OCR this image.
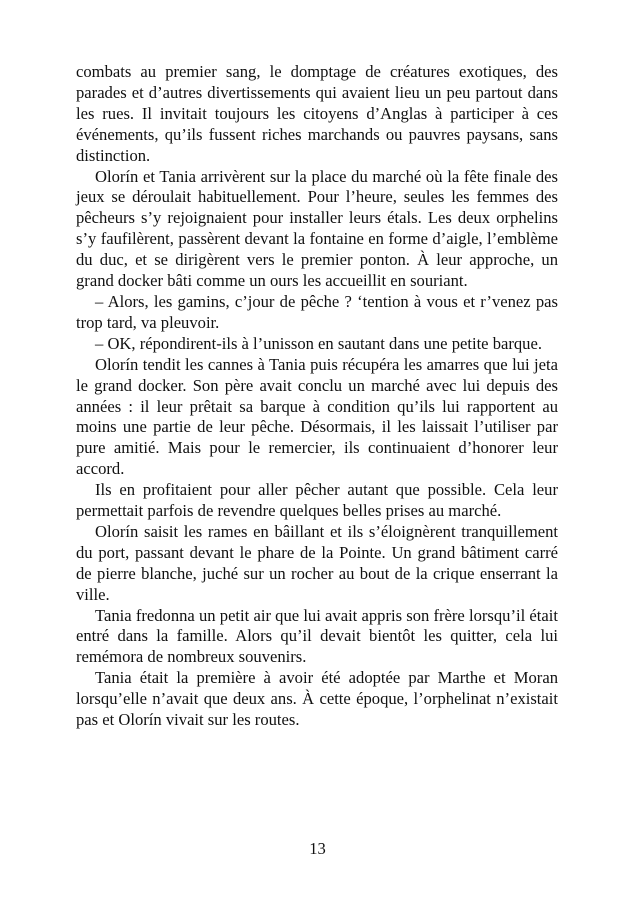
combats au premier sang, le domptage de créatures exotiques, des parades et d’autres divertissements qui avaient lieu un peu partout dans les rues. Il invitait toujours les citoyens d’Anglas à participer à ces événements, qu’ils fussent riches marchands ou pauvres paysans, sans distinction.

Olorín et Tania arrivèrent sur la place du marché où la fête finale des jeux se déroulait habituellement. Pour l’heure, seules les femmes des pêcheurs s’y rejoignaient pour installer leurs étals. Les deux orphelins s’y faufilèrent, passèrent devant la fontaine en forme d’aigle, l’emblème du duc, et se dirigèrent vers le premier ponton. À leur approche, un grand docker bâti comme un ours les accueillit en souriant.

– Alors, les gamins, c’jour de pêche ? ‘tention à vous et r’venez pas trop tard, va pleuvoir.

– OK, répondirent-ils à l’unisson en sautant dans une petite barque.

Olorín tendit les cannes à Tania puis récupéra les amarres que lui jeta le grand docker. Son père avait conclu un marché avec lui depuis des années : il leur prêtait sa barque à condition qu’ils lui rapportent au moins une partie de leur pêche. Désormais, il les laissait l’utiliser par pure amitié. Mais pour le remercier, ils continuaient d’honorer leur accord.

Ils en profitaient pour aller pêcher autant que possible. Cela leur permettait parfois de revendre quelques belles prises au marché.

Olorín saisit les rames en bâillant et ils s’éloignèrent tranquillement du port, passant devant le phare de la Pointe. Un grand bâtiment carré de pierre blanche, juché sur un rocher au bout de la crique enserrant la ville.

Tania fredonna un petit air que lui avait appris son frère lorsqu’il était entré dans la famille. Alors qu’il devait bientôt les quitter, cela lui remémora de nombreux souvenirs.

Tania était la première à avoir été adoptée par Marthe et Moran lorsqu’elle n’avait que deux ans. À cette époque, l’orphelinat n’existait pas et Olorín vivait sur les routes.

13
